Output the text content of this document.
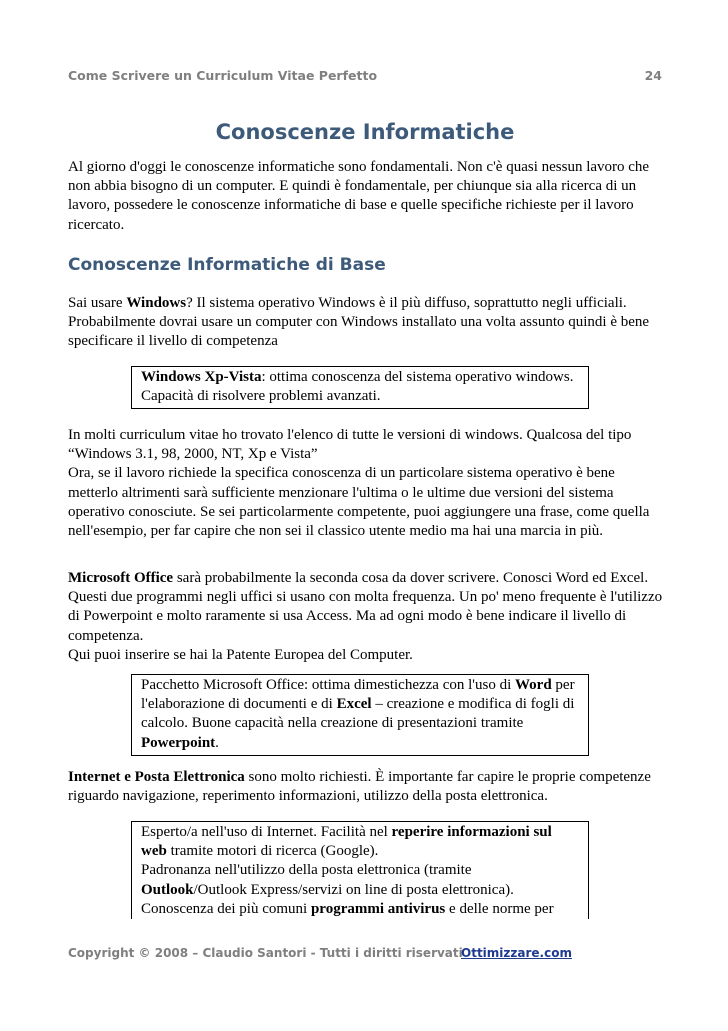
Come Scrivere un Curriculum Vitae Perfetto	24
Conoscenze Informatiche

Al giorno d'oggi le conoscenze informatiche sono fondamentali. Non c'è quasi nessun lavoro che non abbia bisogno di un computer. E quindi è fondamentale, per chiunque sia alla ricerca di un lavoro, possedere le conoscenze informatiche di base e quelle specifiche richieste per il lavoro ricercato.

Conoscenze Informatiche di Base

Sai usare Windows? Il sistema operativo Windows è il più diffuso, soprattutto negli ufficiali. Probabilmente dovrai usare un computer con Windows installato una volta assunto quindi è bene specificare il livello di competenza

Windows Xp-Vista: ottima conoscenza del sistema operativo windows. Capacità di risolvere problemi avanzati.
In molti curriculum vitae ho trovato l'elenco di tutte le versioni di windows. Qualcosa del tipo “Windows 3.1, 98, 2000, NT, Xp e Vista”
Ora, se il lavoro richiede la specifica conoscenza di un particolare sistema operativo è bene metterlo altrimenti sarà sufficiente menzionare l'ultima o le ultime due versioni del sistema operativo conosciute. Se sei particolarmente competente, puoi aggiungere una frase, come quella nell'esempio, per far capire che non sei il classico utente medio ma hai una marcia in più.

Microsoft Office sarà probabilmente la seconda cosa da dover scrivere. Conosci Word ed Excel. Questi due programmi negli uffici si usano con molta frequenza. Un po' meno frequente è l'utilizzo di Powerpoint e molto raramente si usa Access. Ma ad ogni modo è bene indicare il livello di competenza.
Qui puoi inserire se hai la Patente Europea del Computer.

Pacchetto Microsoft Office: ottima dimestichezza con l'uso di Word per l'elaborazione di documenti e di Excel – creazione e modifica di fogli di calcolo. Buone capacità nella creazione di presentazioni tramite Powerpoint.

Internet e Posta Elettronica sono molto richiesti. È importante far capire le proprie competenze riguardo navigazione, reperimento informazioni, utilizzo della posta elettronica.

Esperto/a nell'uso di Internet. Facilità nel reperire informazioni sul web tramite motori di ricerca (Google).
Padronanza nell'utilizzo della posta elettronica (tramite Outlook/Outlook Express/servizi on line di posta elettronica).
Conoscenza dei più comuni programmi antivirus e delle norme per
Copyright © 2008 – Claudio Santori - Tutti i diritti riservati
Ottimizzare.com
